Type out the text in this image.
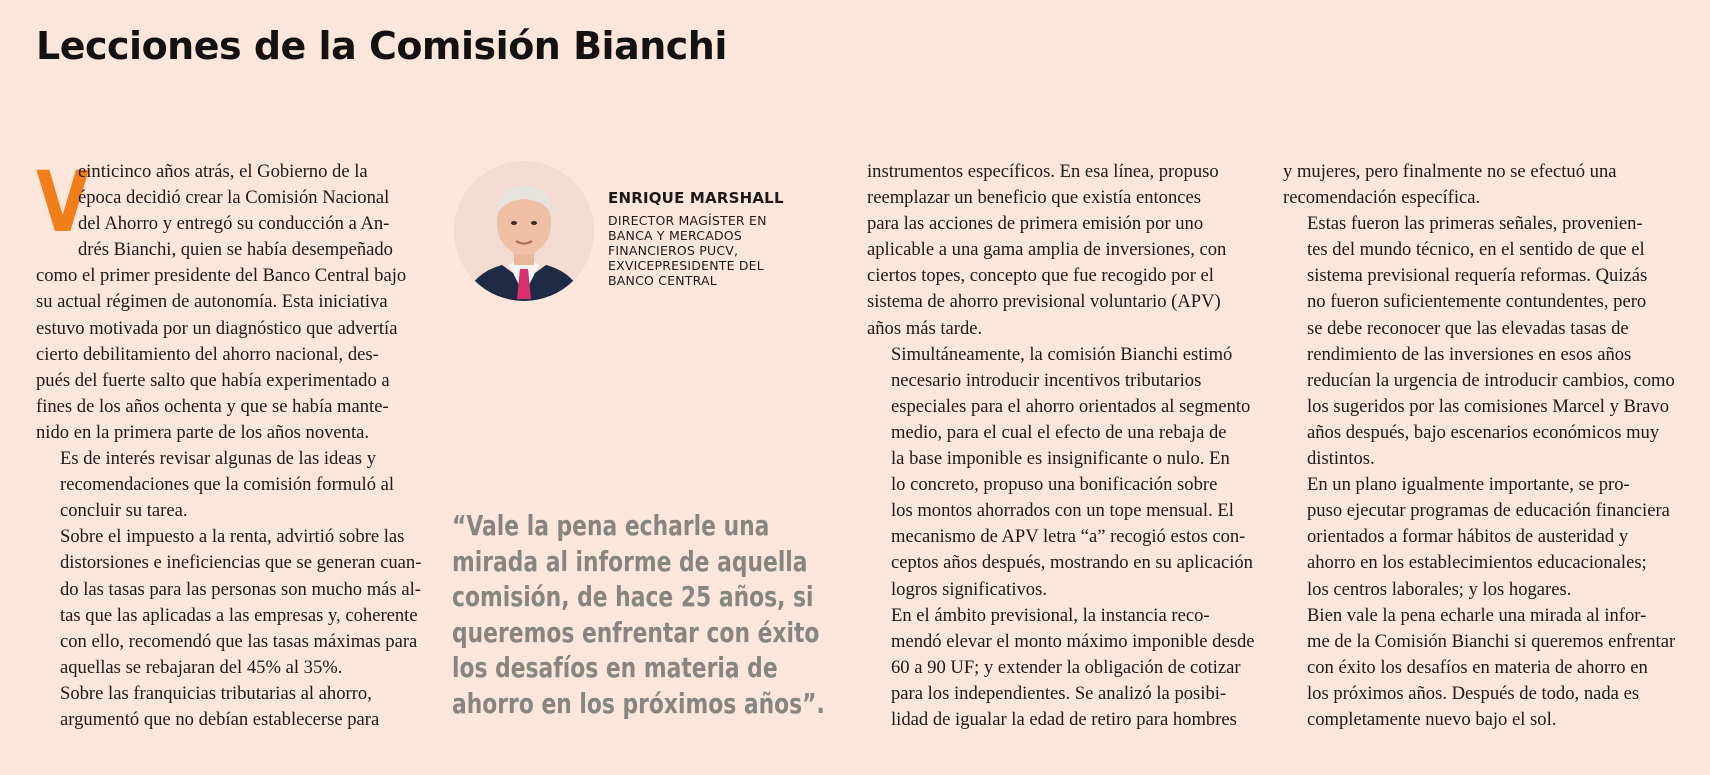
Lecciones de la Comisión Bianchi
V

einticinco años atrás, el Gobierno de la
época decidió crear la Comisión Nacional
del Ahorro y entregó su conducción a An-
drés Bianchi, quien se había desempeñado
como el primer presidente del Banco Central bajo
su actual régimen de autonomía. Esta iniciativa
estuvo motivada por un diagnóstico que advertía
cierto debilitamiento del ahorro nacional, des-
pués del fuerte salto que había experimentado a
fines de los años ochenta y que se había mante-
nido en la primera parte de los años noventa.

Es de interés revisar algunas de las ideas y
recomendaciones que la comisión formuló al
concluir su tarea.

Sobre el impuesto a la renta, advirtió sobre las
distorsiones e ineficiencias que se generan cuan-
do las tasas para las personas son mucho más al-
tas que las aplicadas a las empresas y, coherente
con ello, recomendó que las tasas máximas para
aquellas se rebajaran del 45% al 35%.

Sobre las franquicias tributarias al ahorro,
argumentó que no debían establecerse para

ENRIQUE MARSHALL
DIRECTOR MAGÍSTER EN
BANCA Y MERCADOS
FINANCIEROS PUCV,
EXVICEPRESIDENTE DEL
BANCO CENTRAL
“Vale la pena echarle una
mirada al informe de aquella
comisión, de hace 25 años, si
queremos enfrentar con éxito
los desafíos en materia de
ahorro en los próximos años”.

instrumentos específicos. En esa línea, propuso
reemplazar un beneficio que existía entonces
para las acciones de primera emisión por uno
aplicable a una gama amplia de inversiones, con
ciertos topes, concepto que fue recogido por el
sistema de ahorro previsional voluntario (APV)
años más tarde.

Simultáneamente, la comisión Bianchi estimó
necesario introducir incentivos tributarios
especiales para el ahorro orientados al segmento
medio, para el cual el efecto de una rebaja de
la base imponible es insignificante o nulo. En
lo concreto, propuso una bonificación sobre
los montos ahorrados con un tope mensual. El
mecanismo de APV letra “a” recogió estos con-
ceptos años después, mostrando en su aplicación
logros significativos.

En el ámbito previsional, la instancia reco-
mendó elevar el monto máximo imponible desde
60 a 90 UF; y extender la obligación de cotizar
para los independientes. Se analizó la posibi-
lidad de igualar la edad de retiro para hombres

y mujeres, pero finalmente no se efectuó una
recomendación específica.

Estas fueron las primeras señales, provenien-
tes del mundo técnico, en el sentido de que el
sistema previsional requería reformas. Quizás
no fueron suficientemente contundentes, pero
se debe reconocer que las elevadas tasas de
rendimiento de las inversiones en esos años
reducían la urgencia de introducir cambios, como
los sugeridos por las comisiones Marcel y Bravo
años después, bajo escenarios económicos muy
distintos.

En un plano igualmente importante, se pro-
puso ejecutar programas de educación financiera
orientados a formar hábitos de austeridad y
ahorro en los establecimientos educacionales;
los centros laborales; y los hogares.

Bien vale la pena echarle una mirada al infor-
me de la Comisión Bianchi si queremos enfrentar
con éxito los desafíos en materia de ahorro en
los próximos años. Después de todo, nada es
completamente nuevo bajo el sol.
